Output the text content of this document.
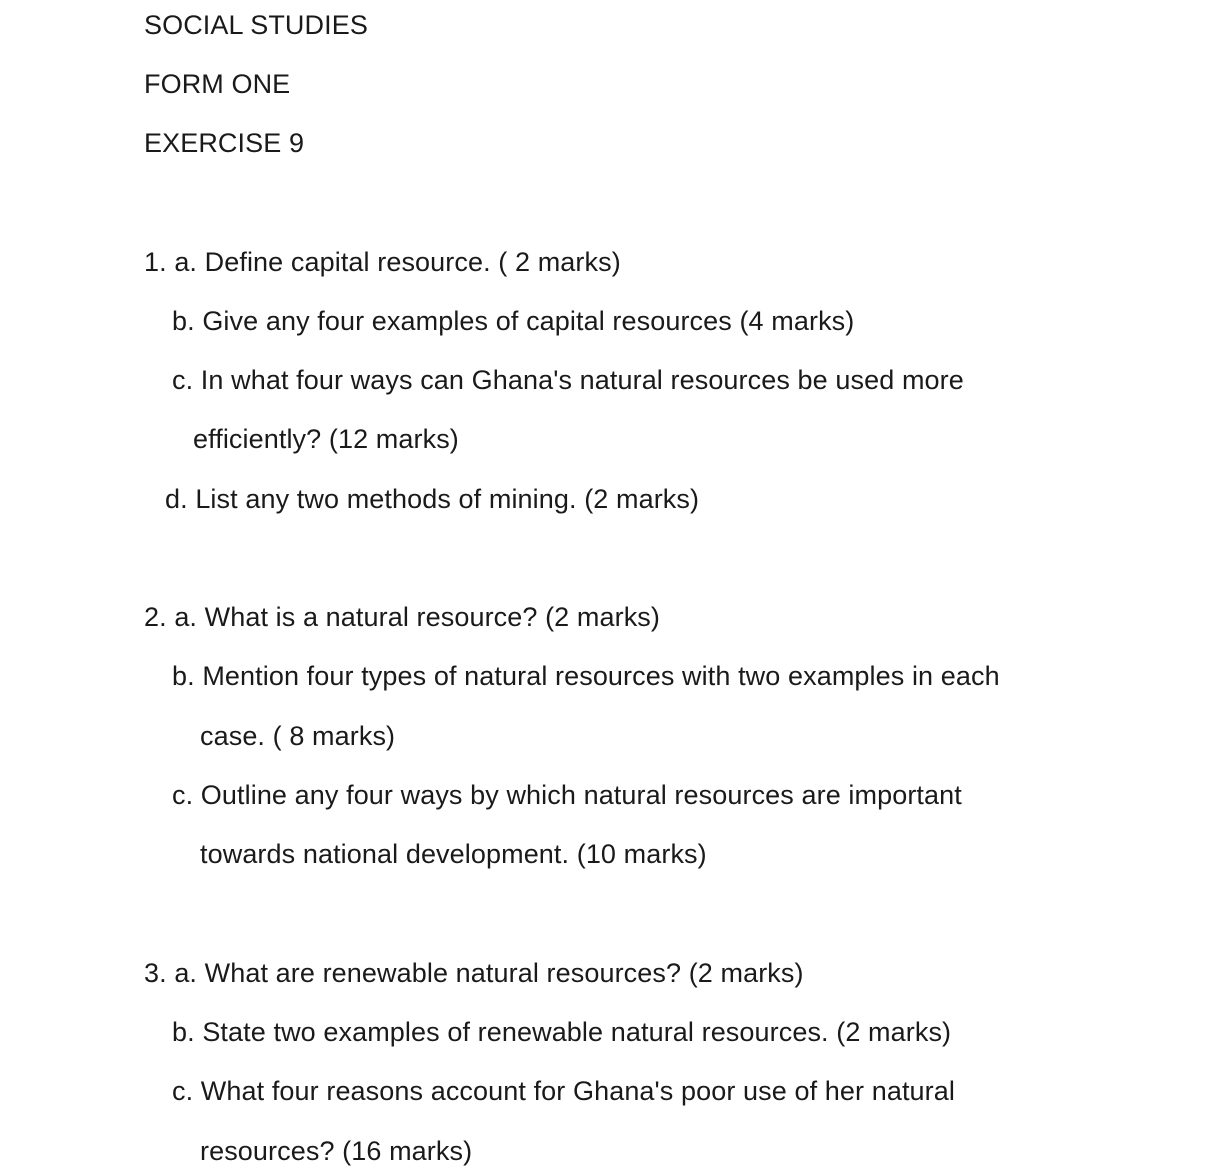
SOCIAL STUDIES
FORM ONE
EXERCISE 9
1. a. Define capital resource. ( 2 marks)
b. Give any four examples of capital resources (4 marks)
c. In what four ways can Ghana's natural resources be used more
efficiently? (12 marks)
d. List any two methods of mining. (2 marks)
2. a. What is a natural resource? (2 marks)
b. Mention four types of natural resources with two examples in each
case. ( 8 marks)
c. Outline any four ways by which natural resources are important
towards national development. (10 marks)
3. a. What are renewable natural resources? (2 marks)
b. State two examples of renewable natural resources. (2 marks)
c. What four reasons account for Ghana's poor use of her natural
resources? (16 marks)
